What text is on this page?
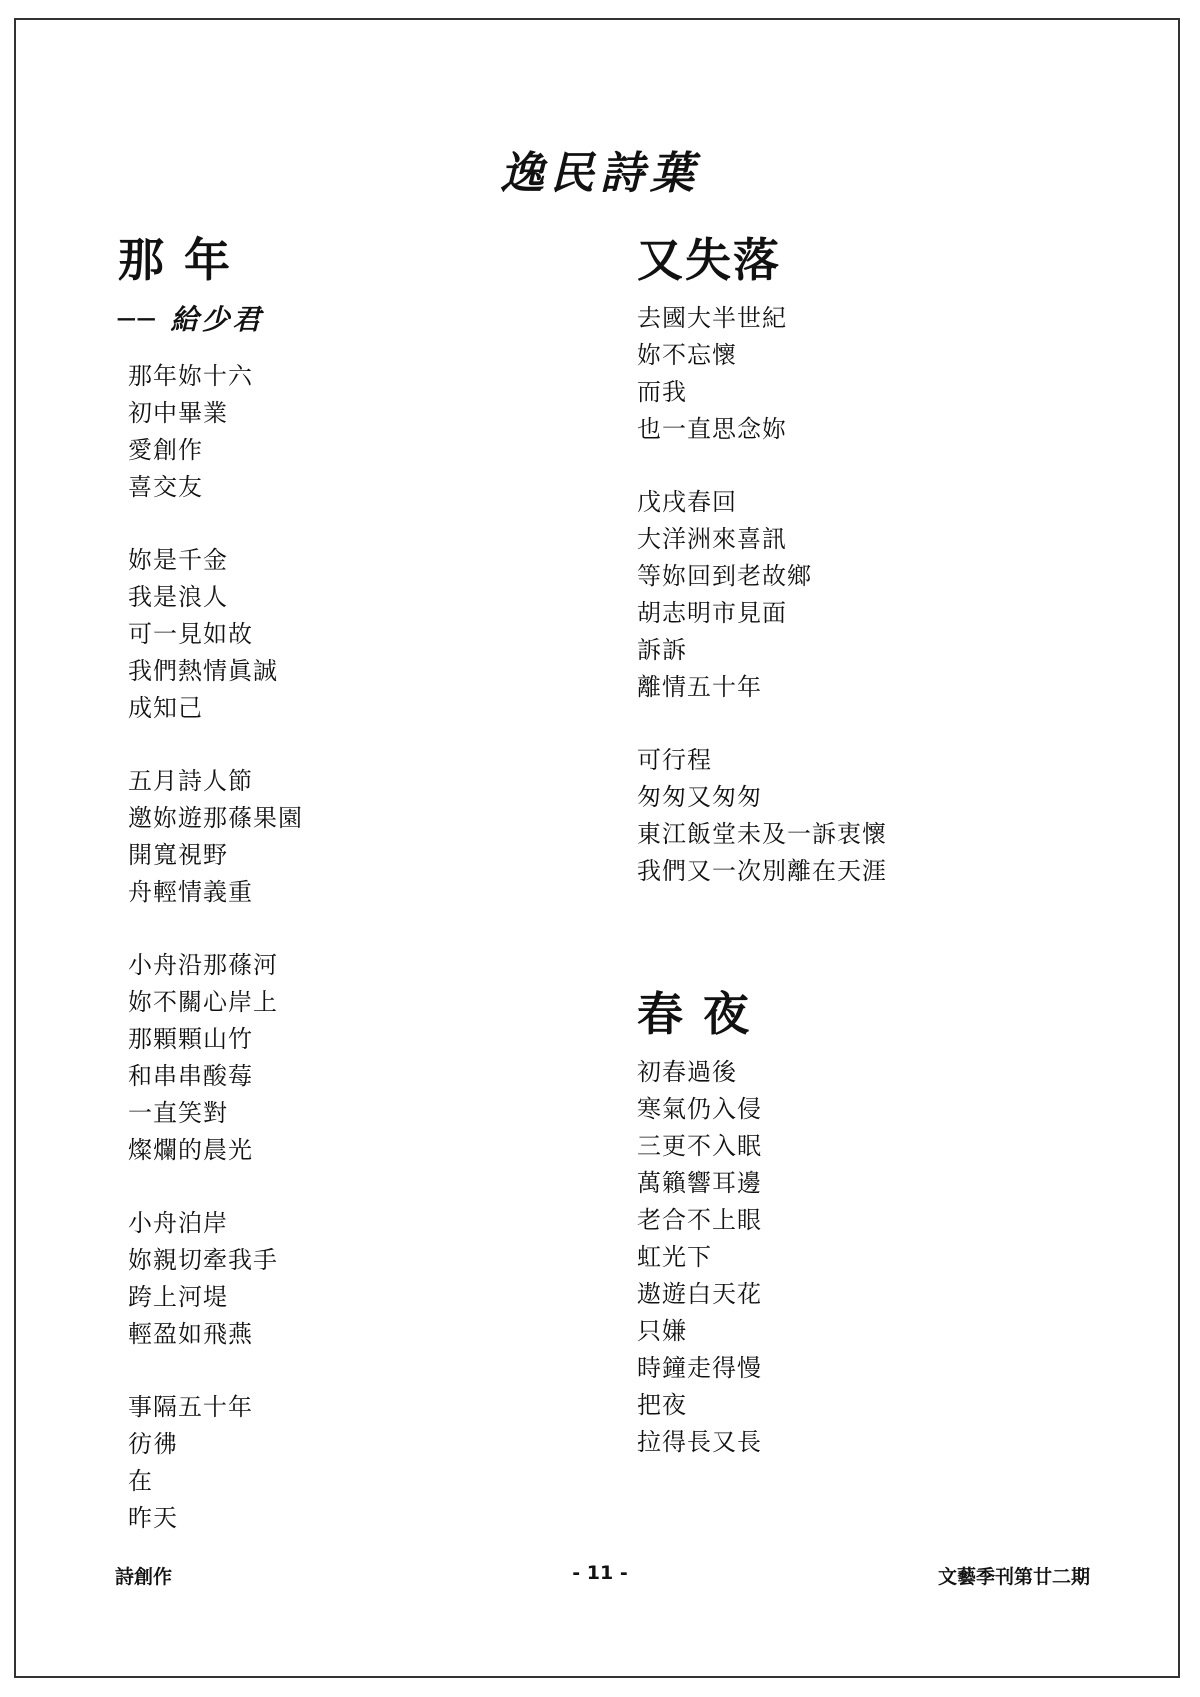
逸民詩葉
那 年
── 給少君
那年妳十六
初中畢業
愛創作
喜交友
妳是千金
我是浪人
可一見如故
我們熱情眞誠
成知己
五月詩人節
邀妳遊那蓧果園
開寬視野
舟輕情義重
小舟沿那蓧河
妳不關心岸上
那顆顆山竹
和串串酸莓
一直笑對
燦爛的晨光
小舟泊岸
妳親切牽我手
跨上河堤
輕盈如飛燕
事隔五十年
彷彿
在
昨天
又失落
去國大半世紀
妳不忘懷
而我
也一直思念妳
戊戌春回
大洋洲來喜訊
等妳回到老故鄉
胡志明市見面
訴訴
離情五十年
可行程
匆匆又匆匆
東江飯堂未及一訴衷懷
我們又一次別離在天涯
春 夜
初春過後
寒氣仍入侵
三更不入眠
萬籟響耳邊
老合不上眼
虹光下
遨遊白天花
只嫌
時鐘走得慢
把夜
拉得長又長
詩創作	- 11 -	文藝季刊第廿二期
